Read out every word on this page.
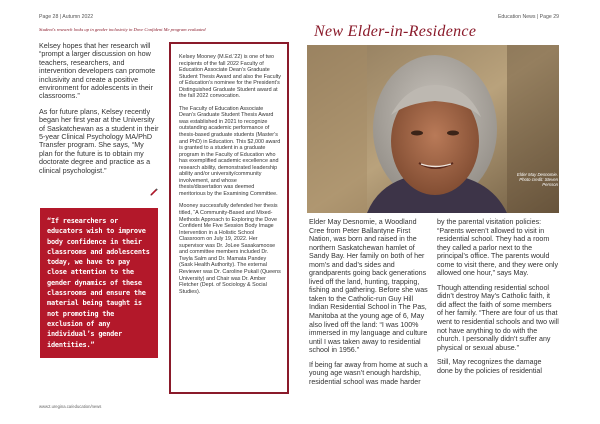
Page 28 | Autumn 2022	Education News | Page 29
Student's research looks up in gender inclusivity in Dove Confident Me program evaluated

Kelsey hopes that her research will “prompt a larger discussion on how teachers, researchers, and intervention developers can promote inclusivity and create a positive environment for adolescents in their classrooms.”

As for future plans, Kelsey recently began her first year at the University of Saskatchewan as a student in their 5-year Clinical Psychology MA/PhD Transfer program. She says, “My plan for the future is to obtain my doctorate degree and practice as a clinical psychologist.”

“If researchers or educators wish to improve body confidence in their classrooms and adolescents today, we have to pay close attention to the gender dynamics of these classrooms and ensure the material being taught is not promoting the exclusion of any individual’s gender identities.”

Kelsey Mooney (M.Ed.’22) is one of two recipients of the fall 2022 Faculty of Education Associate Dean’s Graduate Student Thesis Award and also the Faculty of Education’s nominee for the President’s Distinguished Graduate Student award at the fall 2022 convocation.

The Faculty of Education Associate Dean’s Graduate Student Thesis Award was established in 2021 to recognize outstanding academic performance of thesis-based graduate students (Master’s and PhD) in Education. This $2,000 award is granted to a student in a graduate program in the Faculty of Education who has exemplified academic excellence and research ability, demonstrated leadership ability and/or university/community involvement, and whose thesis/dissertation was deemed meritorious by the Examining Committee.

Mooney successfully defended her thesis titled, “A Community-Based and Mixed-Methods Approach to Exploring the Dove Confident Me Five Session Body Image Intervention in a Holistic School Classroom on July 19, 2022. Her supervisor was Dr. JoLee Sasakamoose and committee members included Dr. Twyla Salm and Dr. Mamata Pandey (Sask Health Authority). The external Reviewer was Dr. Caroline Pukall (Queens University) and Chair was Dr. Amber Fletcher (Dept. of Sociology & Social Studies).

New Elder-in-Residence
Elder May Desnomie. Photo credit: Steven Persson

Elder May Desnomie, a Woodland Cree from Peter Ballantyne First Nation, was born and raised in the northern Saskatchewan hamlet of Sandy Bay. Her family on both of her mom’s and dad’s sides and grandparents going back generations lived off the land, hunting, trapping, fishing and gathering. Before she was taken to the Catholic-run Guy Hill Indian Residential School in The Pas, Manitoba at the young age of 6, May also lived off the land: “I was 100% immersed in my language and culture until I was taken away to residential school in 1956.”

If being far away from home at such a young age wasn’t enough hardship, residential school was made harder

by the parental visitation policies: “Parents weren’t allowed to visit in residential school. They had a room they called a parlor next to the principal’s office. The parents would come to visit there, and they were only allowed one hour,” says May.

Though attending residential school didn’t destroy May’s Catholic faith, it did affect the faith of some members of her family. “There are four of us that went to residential schools and two will not have anything to do with the church. I personally didn’t suffer any physical or sexual abuse.”

Still, May recognizes the damage done by the policies of residential

www2.uregina.ca/education/news
